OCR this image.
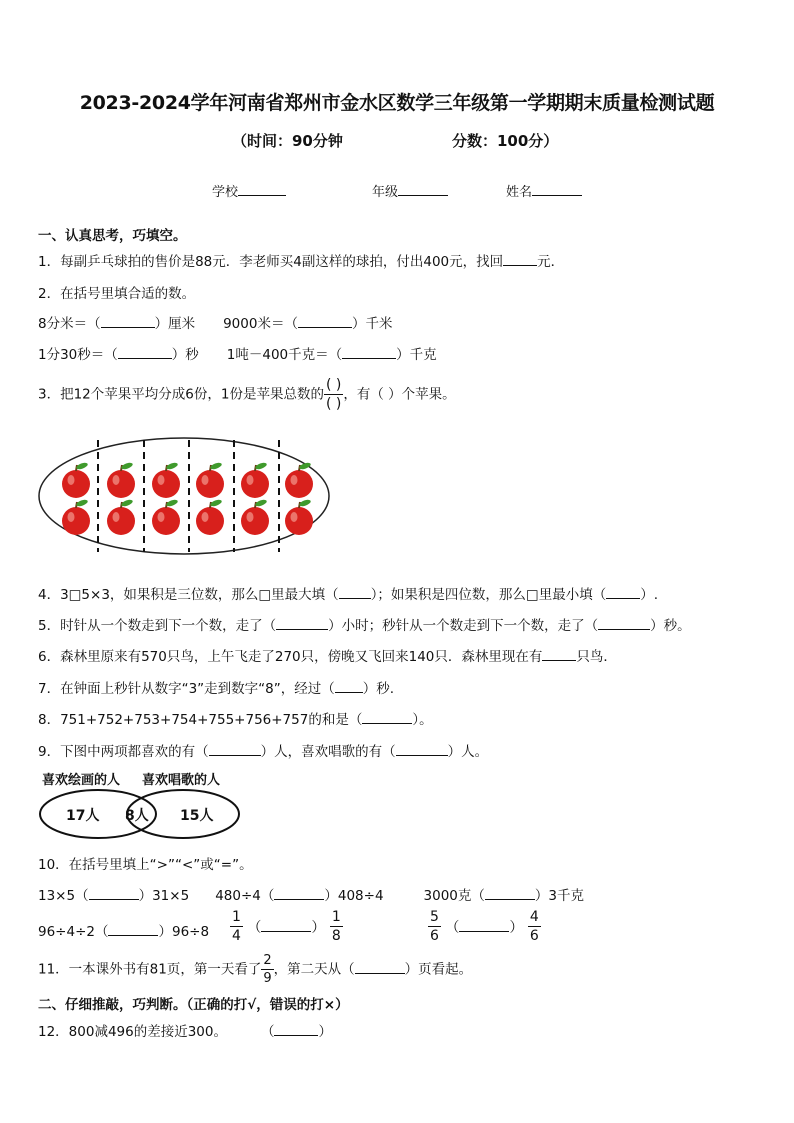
2023-2024学年河南省郑州市金水区数学三年级第一学期期末质量检测试题
（时间：90分钟	分数：100分）
学校	年级	姓名
一、认真思考，巧填空。
1．每副乒乓球拍的售价是88元．李老师买4副这样的球拍，付出400元，找回	元．
2．在括号里填合适的数。
8分米＝（	）厘米 9000米＝（	）千米
1分30秒＝（	）秒 1吨－400千克＝（	）千克
3．把12个苹果平均分成6份，1份是苹果总数的 $\frac{( )}{( )}$ ，有（ ）个苹果。
4．3□5×3，如果积是三位数，那么□里最大填（ ）；如果积是四位数，那么□里最小填（	）.
5．时针从一个数走到下一个数，走了（	）小时；秒针从一个数走到下一个数，走了（	）秒。
6．森林里原来有570只鸟，上午飞走了270只，傍晚又飞回来140只．森林里现在有	只鸟．
7．在钟面上秒针从数字“3”走到数字“8”，经过（ ）秒.
8．751+752+753+754+755+756+757的和是（	）。
9．下图中两项都喜欢的有（	）人，喜欢唱歌的有（	）人。
喜欢绘画的人 喜欢唱歌的人
17人 8人 15人
10．在括号里填上“>”“<”或“=”。
13×5（	）31×5 480÷4（	）408÷4	3000克（	）3千克
96÷4÷2（	）$96\div 8 \frac{1}{4}$ （	） $\frac{1}{8}$	$\frac{5}{6}$ （	） $\frac{4}{6}$
11．一本课外书有81页，第一天看了 $\frac{2}{9}$ ，第二天从（	）页看起。
二、仔细推敲，巧判断。（正确的打√，错误的打×）
12．800减496的差接近300。	（	）
